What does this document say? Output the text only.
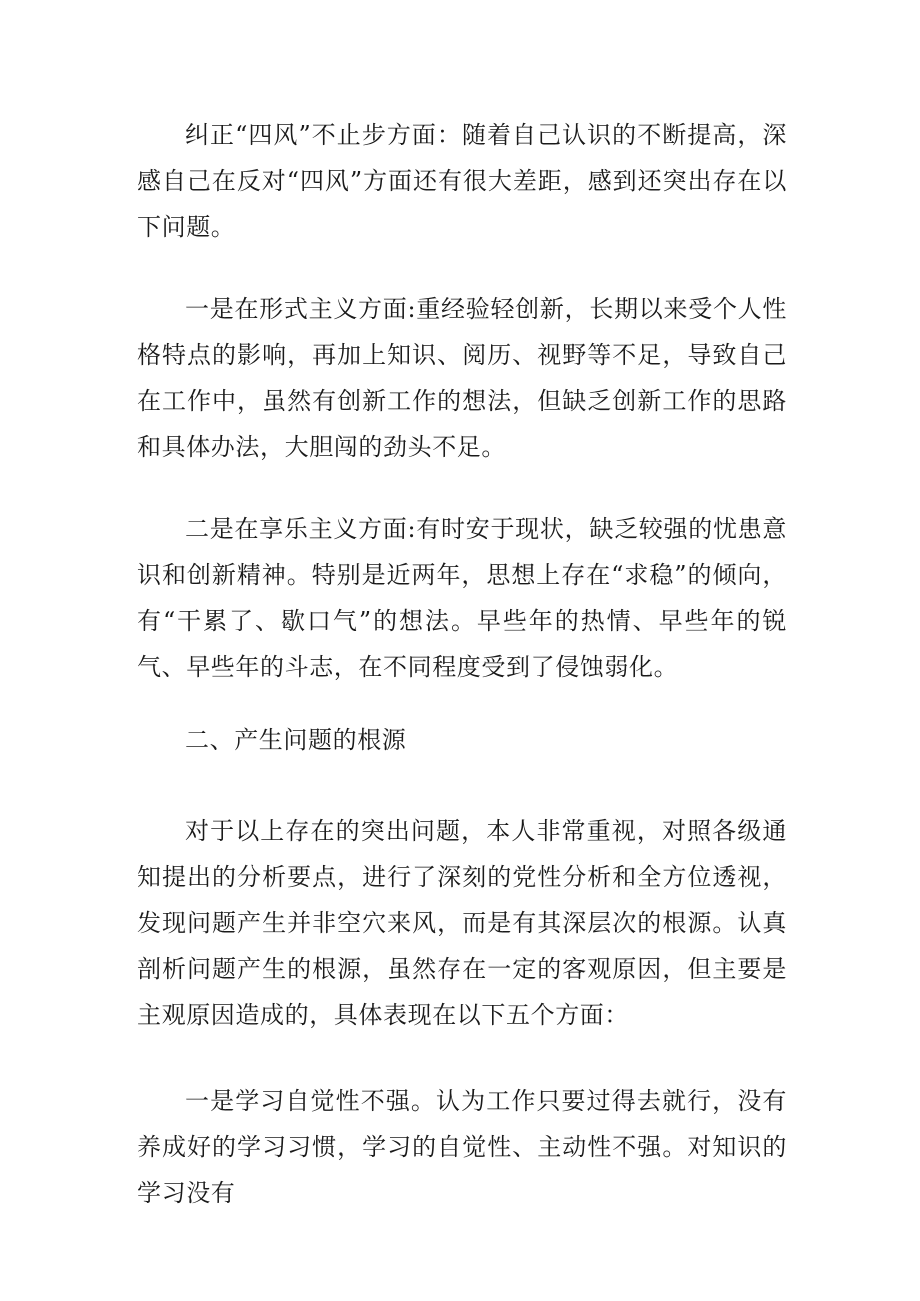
纠正“四风”不止步方面：随着自己认识的不断提高，深感自己在反对“四风”方面还有很大差距，感到还突出存在以下问题。

一是在形式主义方面:重经验轻创新，长期以来受个人性格特点的影响，再加上知识、阅历、视野等不足，导致自己在工作中，虽然有创新工作的想法，但缺乏创新工作的思路和具体办法，大胆闯的劲头不足。

二是在享乐主义方面:有时安于现状，缺乏较强的忧患意识和创新精神。特别是近两年，思想上存在“求稳”的倾向，有“干累了、歇口气”的想法。早些年的热情、早些年的锐气、早些年的斗志，在不同程度受到了侵蚀弱化。

二、产生问题的根源

对于以上存在的突出问题，本人非常重视，对照各级通知提出的分析要点，进行了深刻的党性分析和全方位透视，发现问题产生并非空穴来风，而是有其深层次的根源。认真剖析问题产生的根源，虽然存在一定的客观原因，但主要是主观原因造成的，具体表现在以下五个方面：

一是学习自觉性不强。认为工作只要过得去就行，没有养成好的学习习惯，学习的自觉性、主动性不强。对知识的学习没有
